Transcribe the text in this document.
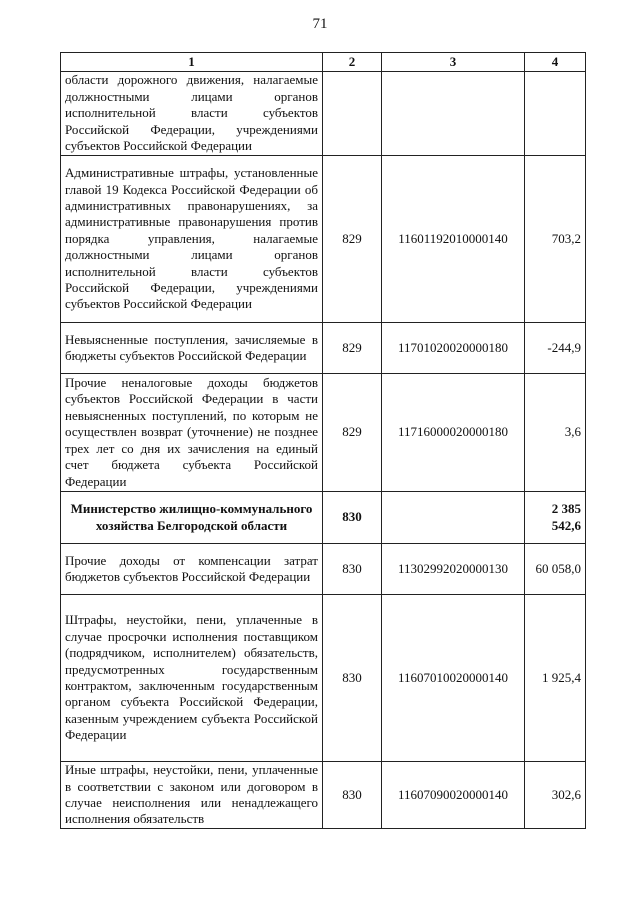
71
1	2	3	4
области дорожного движения, налагаемые должностными лицами органов исполнительной власти субъектов Российской Федерации, учреждениями субъектов Российской Федерации			
Административные штрафы, установленные главой 19 Кодекса Российской Федерации об административных правонарушениях, за административные правонарушения против порядка управления, налагаемые должностными лицами органов исполнительной власти субъектов Российской Федерации, учреждениями субъектов Российской Федерации	829	11601192010000140	703,2
Невыясненные поступления, зачисляемые в бюджеты субъектов Российской Федерации	829	11701020020000180	-244,9
Прочие неналоговые доходы бюджетов субъектов Российской Федерации в части невыясненных поступлений, по которым не осуществлен возврат (уточнение) не позднее трех лет со дня их зачисления на единый счет бюджета субъекта Российской Федерации	829	11716000020000180	3,6
Министерство жилищно-коммунального хозяйства Белгородской области	830		2 385 542,6
Прочие доходы от компенсации затрат бюджетов субъектов Российской Федерации	830	11302992020000130	60 058,0
Штрафы, неустойки, пени, уплаченные в случае просрочки исполнения поставщиком (подрядчиком, исполнителем) обязательств, предусмотренных государственным контрактом, заключенным государственным органом субъекта Российской Федерации, казенным учреждением субъекта Российской Федерации	830	11607010020000140	1 925,4
Иные штрафы, неустойки, пени, уплаченные в соответствии с законом или договором в случае неисполнения или ненадлежащего исполнения обязательств	830	11607090020000140	302,6
